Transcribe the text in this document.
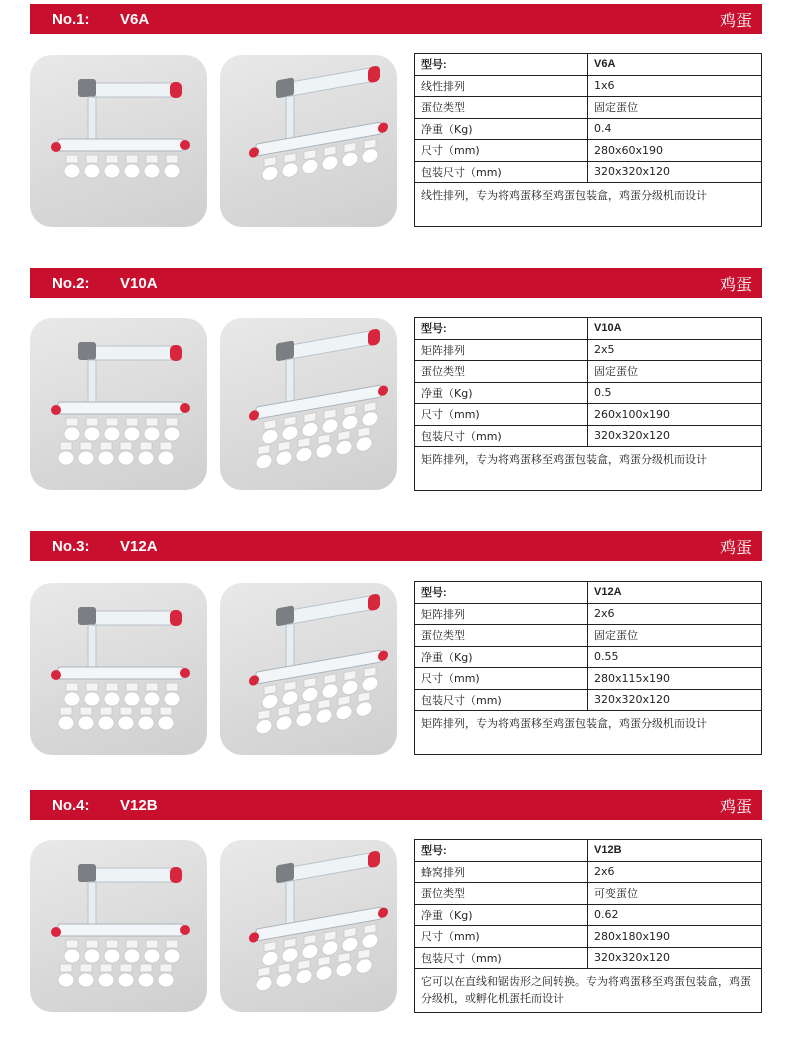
No.1:	V6A	鸡蛋
型号:	V6A
线性排列	1x6
蛋位类型	固定蛋位
净重（Kg)	0.4
尺寸（mm)	280x60x190
包装尺寸（mm)	320x320x120
线性排列，专为将鸡蛋移至鸡蛋包装盒，鸡蛋分级机而设计	
No.2:	V10A	鸡蛋
型号:	V10A
矩阵排列	2x5
蛋位类型	固定蛋位
净重（Kg)	0.5
尺寸（mm)	260x100x190
包装尺寸（mm)	320x320x120
矩阵排列，专为将鸡蛋移至鸡蛋包装盒，鸡蛋分级机而设计	
No.3:	V12A	鸡蛋
型号:	V12A
矩阵排列	2x6
蛋位类型	固定蛋位
净重（Kg)	0.55
尺寸（mm)	280x115x190
包装尺寸（mm)	320x320x120
矩阵排列，专为将鸡蛋移至鸡蛋包装盒，鸡蛋分级机而设计	
No.4:	V12B	鸡蛋
型号:	V12B
蜂窝排列	2x6
蛋位类型	可变蛋位
净重（Kg)	0.62
尺寸（mm)	280x180x190
包装尺寸（mm)	320x320x120
它可以在直线和锯齿形之间转换。专为将鸡蛋移至鸡蛋包装盒，鸡蛋分级机，或孵化机蛋托而设计	
